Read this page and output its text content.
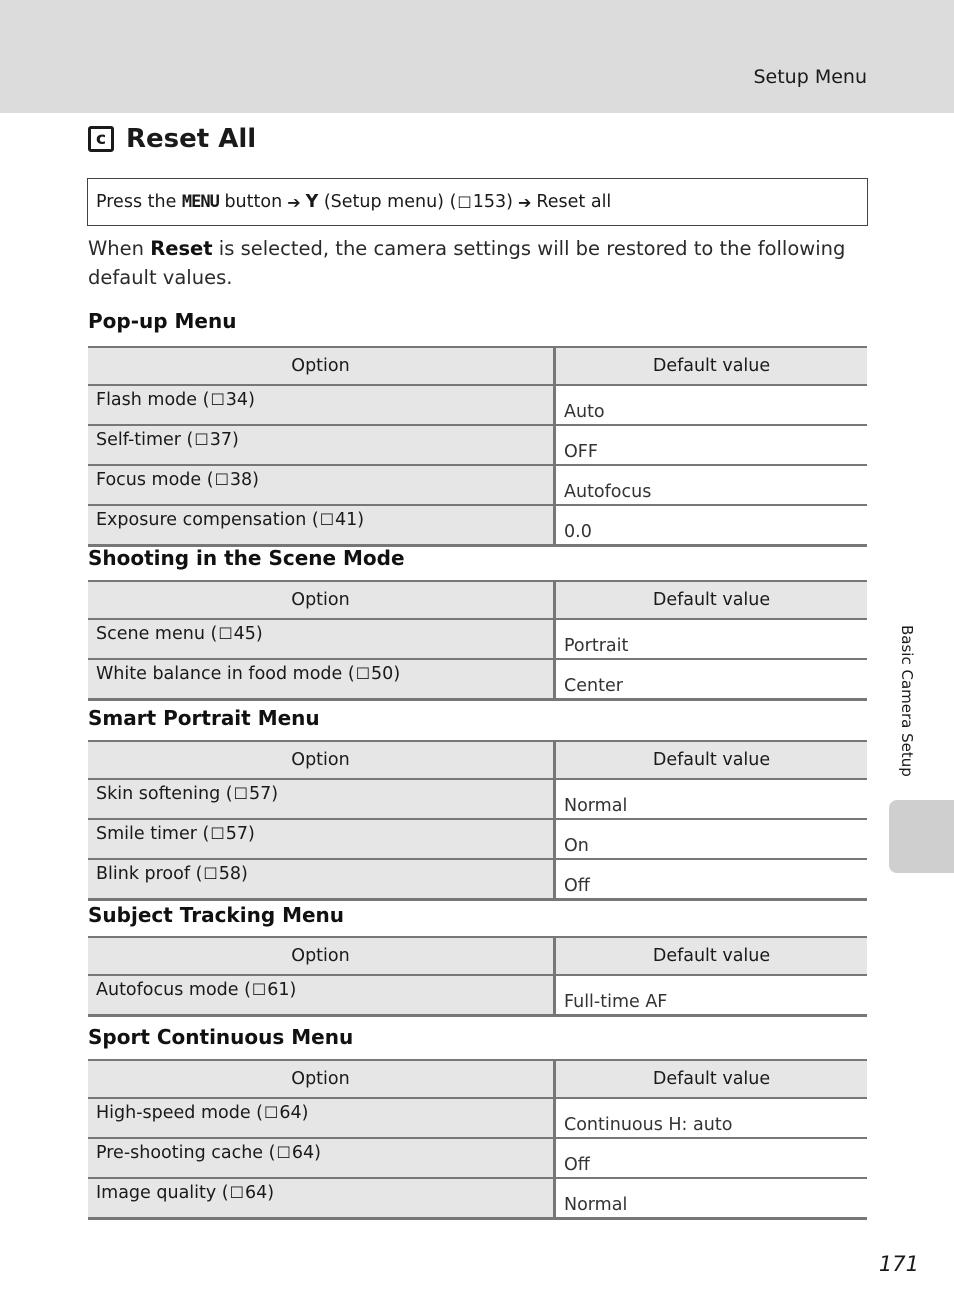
Setup Menu
c Reset All
Press the
MENU
button ➔ Y
(Setup menu) ( ☐ 153) ➔ Reset all
When Reset is selected, the camera settings will be restored to the following default values.
Pop-up Menu
Option	Default value
Flash mode (☐34)	Auto
Self-timer (☐37)	OFF
Focus mode (☐38)	Autofocus
Exposure compensation (☐41)	0.0
Shooting in the Scene Mode
Option	Default value
Scene menu (☐45)	Portrait
White balance in food mode (☐50)	Center
Smart Portrait Menu
Option	Default value
Skin softening (☐57)	Normal
Smile timer (☐57)	On
Blink proof (☐58)	Off
Subject Tracking Menu
Option	Default value
Autofocus mode (☐61)	Full-time AF
Sport Continuous Menu
Option	Default value
High-speed mode (☐64)	Continuous H: auto
Pre-shooting cache (☐64)	Off
Image quality (☐64)	Normal
Basic Camera Setup
171
